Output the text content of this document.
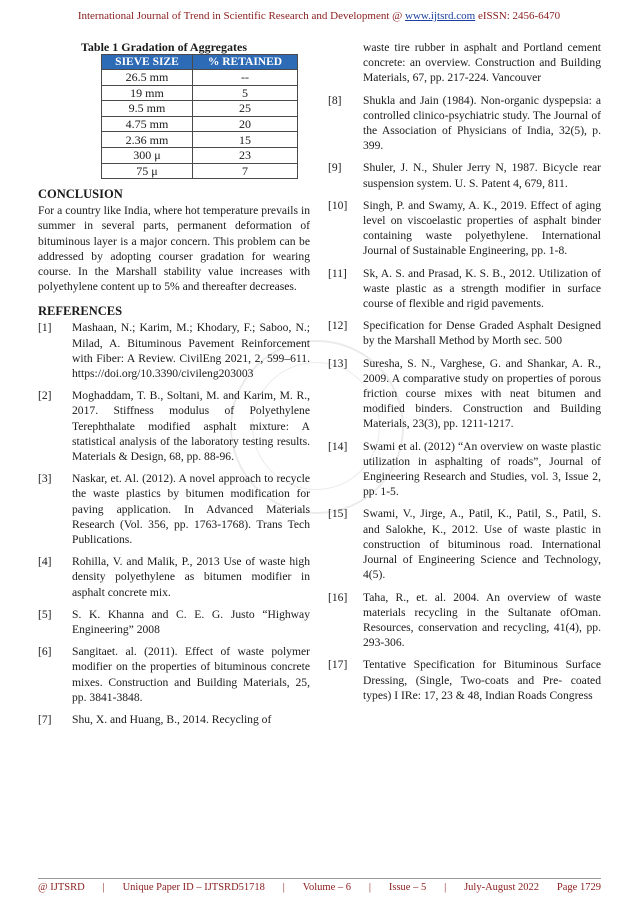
International Journal of Trend in Scientific Research and Development @ www.ijtsrd.com eISSN: 2456-6470
Table 1 Gradation of Aggregates
SIEVE SIZE	% RETAINED
26.5 mm	--
19 mm	5
9.5 mm	25
4.75 mm	20
2.36 mm	15
300 μ	23
75 μ	7
CONCLUSION

For a country like India, where hot temperature prevails in summer in several parts, permanent deformation of bituminous layer is a major concern. This problem can be addressed by adopting courser gradation for wearing course. In the Marshall stability value increases with polyethylene content up to 5% and thereafter decreases.

REFERENCES
[1]	Mashaan, N.; Karim, M.; Khodary, F.; Saboo, N.; Milad, A. Bituminous Pavement Reinforcement with Fiber: A Review. CivilEng 2021, 2, 599–611. https://doi.org/10.3390/civileng203003
[2]	Moghaddam, T. B., Soltani, M. and Karim, M. R., 2017. Stiffness modulus of Polyethylene Terephthalate modified asphalt mixture: A statistical analysis of the laboratory testing results. Materials & Design, 68, pp. 88-96.
[3]	Naskar, et. Al. (2012). A novel approach to recycle the waste plastics by bitumen modification for paving application. In Advanced Materials Research (Vol. 356, pp. 1763-1768). Trans Tech Publications.
[4]	Rohilla, V. and Malik, P., 2013 Use of waste high density polyethylene as bitumen modifier in asphalt concrete mix.
[5]	S. K. Khanna and C. E. G. Justo “Highway Engineering” 2008
[6]	Sangitaet. al. (2011). Effect of waste polymer modifier on the properties of bituminous concrete mixes. Construction and Building Materials, 25, pp. 3841-3848.
[7]	Shu, X. and Huang, B., 2014. Recycling of
waste tire rubber in asphalt and Portland cement concrete: an overview. Construction and Building Materials, 67, pp. 217-224. Vancouver
[8]	Shukla and Jain (1984). Non-organic dyspepsia: a controlled clinico-psychiatric study. The Journal of the Association of Physicians of India, 32(5), p. 399.
[9]	Shuler, J. N., Shuler Jerry N, 1987. Bicycle rear suspension system. U. S. Patent 4, 679, 811.
[10]	Singh, P. and Swamy, A. K., 2019. Effect of aging level on viscoelastic properties of asphalt binder containing waste polyethylene. International Journal of Sustainable Engineering, pp. 1-8.
[11]	Sk, A. S. and Prasad, K. S. B., 2012. Utilization of waste plastic as a strength modifier in surface course of flexible and rigid pavements.
[12]	Specification for Dense Graded Asphalt Designed by the Marshall Method by Morth sec. 500
[13]	Suresha, S. N., Varghese, G. and Shankar, A. R., 2009. A comparative study on properties of porous friction course mixes with neat bitumen and modified binders. Construction and Building Materials, 23(3), pp. 1211-1217.
[14]	Swami et al. (2012) “An overview on waste plastic utilization in asphalting of roads”, Journal of Engineering Research and Studies, vol. 3, Issue 2, pp. 1-5.
[15]	Swami, V., Jirge, A., Patil, K., Patil, S., Patil, S. and Salokhe, K., 2012. Use of waste plastic in construction of bituminous road. International Journal of Engineering Science and Technology, 4(5).
[16]	Taha, R., et. al. 2004. An overview of waste materials recycling in the Sultanate ofOman. Resources, conservation and recycling, 41(4), pp. 293-306.
[17]	Tentative Specification for Bituminous Surface Dressing, (Single, Two-coats and Pre- coated types) I IRe: 17, 23 & 48, Indian Roads Congress
@ IJTSRD | Unique Paper ID – IJTSRD51718 | Volume – 6 | Issue – 5 | July-August 2022 Page 1729
